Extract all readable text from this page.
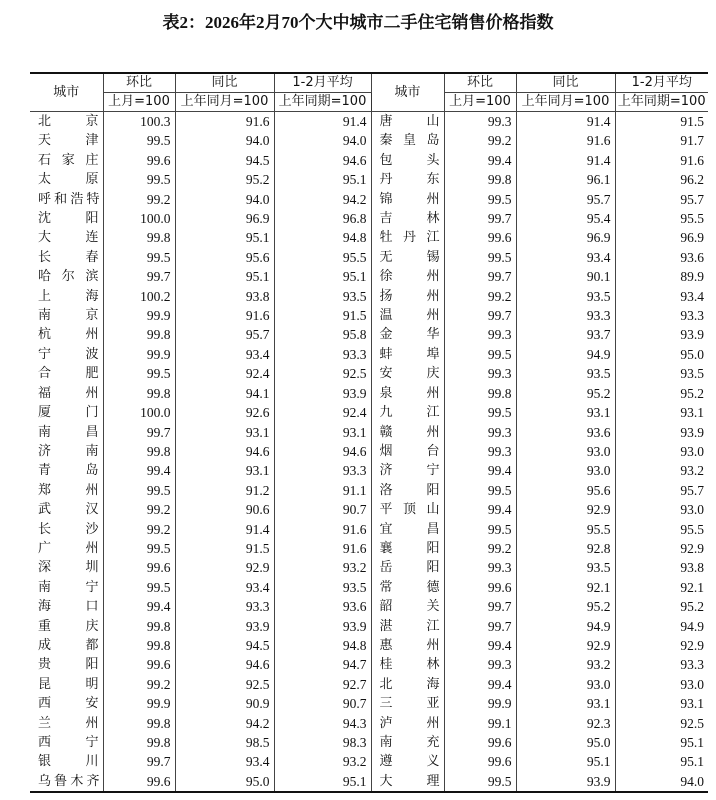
表2：2026年2月70个大中城市二手住宅销售价格指数
城市	环比	同比	1-2月平均	城市	环比	同比	1-2月平均
	上月=100	上年同月=100	上年同期=100		上月=100	上年同月=100	上年同期=100
北京	100.3	91.6	91.4	唐山	99.3	91.4	91.5
天津	99.5	94.0	94.0	秦皇岛	99.2	91.6	91.7
石家庄	99.6	94.5	94.6	包头	99.4	91.4	91.6
太原	99.5	95.2	95.1	丹东	99.8	96.1	96.2
呼和浩特	99.2	94.0	94.2	锦州	99.5	95.7	95.7
沈阳	100.0	96.9	96.8	吉林	99.7	95.4	95.5
大连	99.8	95.1	94.8	牡丹江	99.6	96.9	96.9
长春	99.5	95.6	95.5	无锡	99.5	93.4	93.6
哈尔滨	99.7	95.1	95.1	徐州	99.7	90.1	89.9
上海	100.2	93.8	93.5	扬州	99.2	93.5	93.4
南京	99.9	91.6	91.5	温州	99.7	93.3	93.3
杭州	99.8	95.7	95.8	金华	99.3	93.7	93.9
宁波	99.9	93.4	93.3	蚌埠	99.5	94.9	95.0
合肥	99.5	92.4	92.5	安庆	99.3	93.5	93.5
福州	99.8	94.1	93.9	泉州	99.8	95.2	95.2
厦门	100.0	92.6	92.4	九江	99.5	93.1	93.1
南昌	99.7	93.1	93.1	赣州	99.3	93.6	93.9
济南	99.8	94.6	94.6	烟台	99.3	93.0	93.0
青岛	99.4	93.1	93.3	济宁	99.4	93.0	93.2
郑州	99.5	91.2	91.1	洛阳	99.5	95.6	95.7
武汉	99.2	90.6	90.7	平顶山	99.4	92.9	93.0
长沙	99.2	91.4	91.6	宜昌	99.5	95.5	95.5
广州	99.5	91.5	91.6	襄阳	99.2	92.8	92.9
深圳	99.6	92.9	93.2	岳阳	99.3	93.5	93.8
南宁	99.5	93.4	93.5	常德	99.6	92.1	92.1
海口	99.4	93.3	93.6	韶关	99.7	95.2	95.2
重庆	99.8	93.9	93.9	湛江	99.7	94.9	94.9
成都	99.8	94.5	94.8	惠州	99.4	92.9	92.9
贵阳	99.6	94.6	94.7	桂林	99.3	93.2	93.3
昆明	99.2	92.5	92.7	北海	99.4	93.0	93.0
西安	99.9	90.9	90.7	三亚	99.9	93.1	93.1
兰州	99.8	94.2	94.3	泸州	99.1	92.3	92.5
西宁	99.8	98.5	98.3	南充	99.6	95.0	95.1
银川	99.7	93.4	93.2	遵义	99.6	95.1	95.1
乌鲁木齐	99.6	95.0	95.1	大理	99.5	93.9	94.0
